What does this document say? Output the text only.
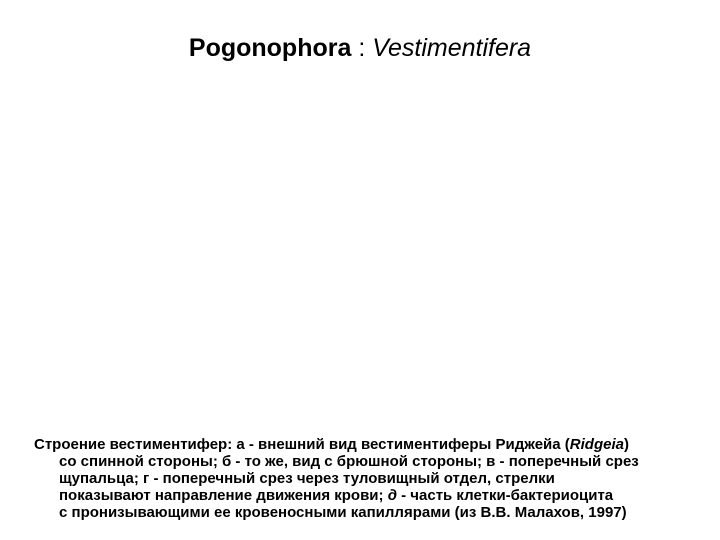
Pogonophora : Vestimentifera
Строение вестиментифер: а - внешний вид вестиментиферы Риджейа (Ridgeia)
со спинной стороны; б - то же, вид с брюшной стороны; в - поперечный срез
щупальца; г - поперечный срез через туловищный отдел, стрелки
показывают направление движения крови; д - часть клетки-бактериоцита
с пронизывающими ее кровеносными капиллярами (из В.В. Малахов, 1997)
